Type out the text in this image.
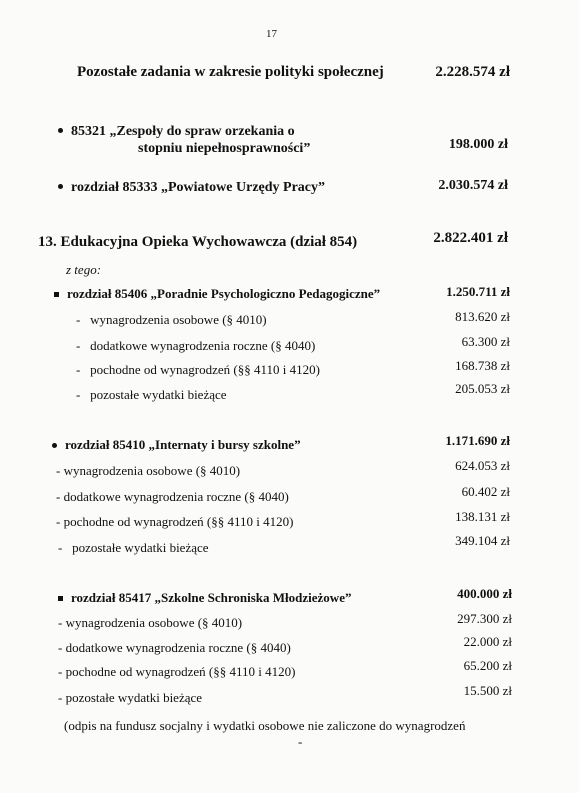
17
Pozostałe zadania w zakresie polityki społecznej	2.228.574 zł
85321 „Zespoły do spraw orzekania o
stopniu niepełnosprawności”	198.000 zł
rozdział 85333 „Powiatowe Urzędy Pracy”	2.030.574 zł
13. Edukacyjna Opieka Wychowawcza (dział 854)	2.822.401 zł
z tego:
rozdział 85406 „Poradnie Psychologiczno Pedagogiczne”	1.250.711 zł
- wynagrodzenia osobowe (§ 4010)	813.620 zł
- dodatkowe wynagrodzenia roczne (§ 4040)	63.300 zł
- pochodne od wynagrodzeń (§§ 4110 i 4120)	168.738 zł
- pozostałe wydatki bieżące	205.053 zł
rozdział 85410 „Internaty i bursy szkolne”	1.171.690 zł
- wynagrodzenia osobowe (§ 4010)	624.053 zł
- dodatkowe wynagrodzenia roczne (§ 4040)	60.402 zł
- pochodne od wynagrodzeń (§§ 4110 i 4120)	138.131 zł
- pozostałe wydatki bieżące	349.104 zł
rozdział 85417 „Szkolne Schroniska Młodzieżowe”	400.000 zł
- wynagrodzenia osobowe (§ 4010)	297.300 zł
- dodatkowe wynagrodzenia roczne (§ 4040)	22.000 zł
- pochodne od wynagrodzeń (§§ 4110 i 4120)	65.200 zł
- pozostałe wydatki bieżące	15.500 zł
(odpis na fundusz socjalny i wydatki osobowe nie zaliczone do wynagrodzeń
-
